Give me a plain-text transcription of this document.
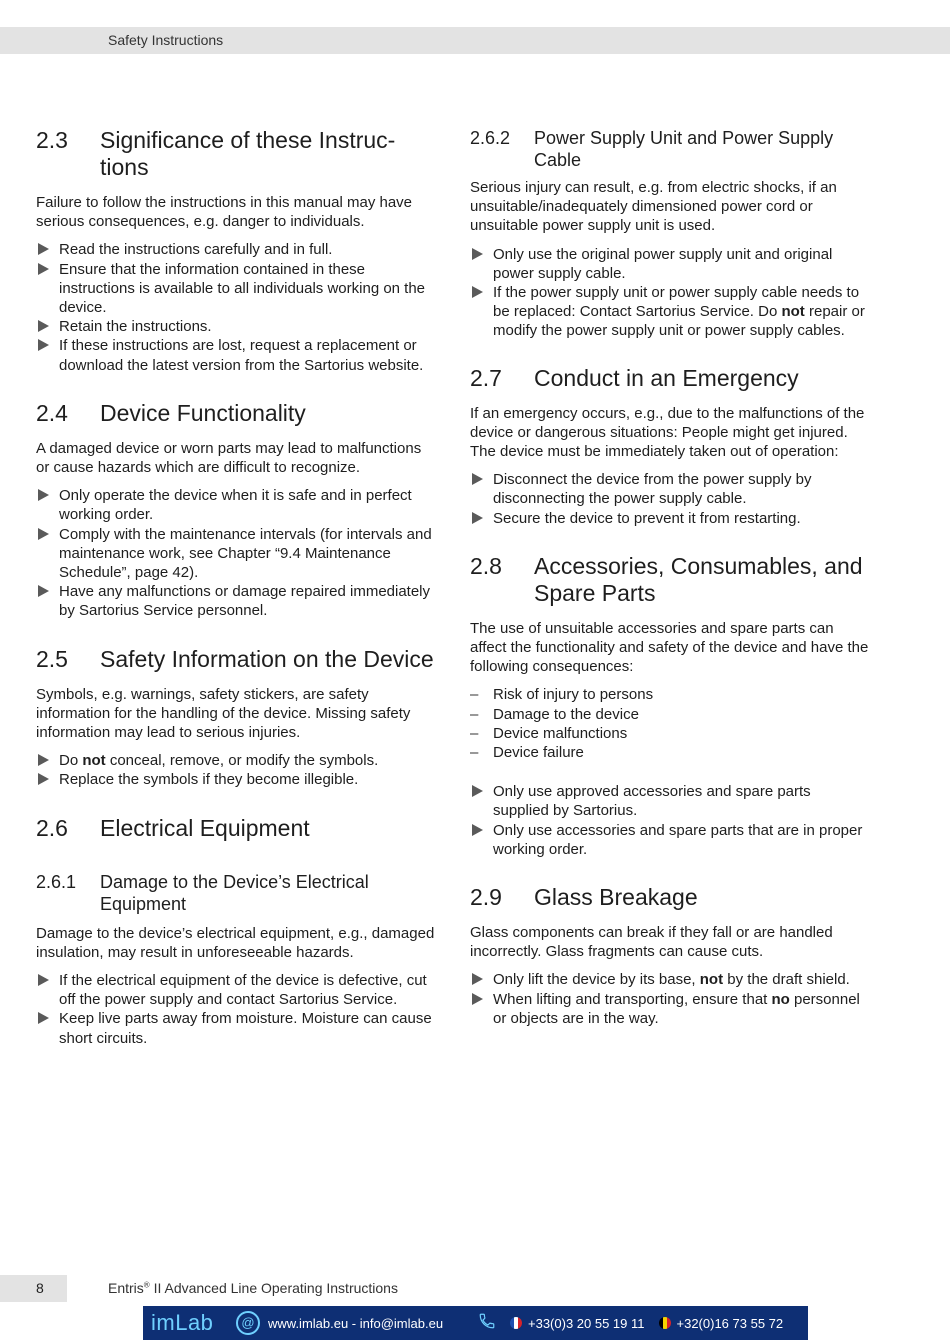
Safety Instructions
2.3 Significance of these Instruc-tions

Failure to follow the instructions in this manual may have serious consequences, e.g. danger to individuals.

Read the instructions carefully and in full.
Ensure that the information contained in these instructions is available to all individuals working on the device.
Retain the instructions.
If these instructions are lost, request a replacement or download the latest version from the Sartorius website.
2.4 Device Functionality

A damaged device or worn parts may lead to malfunctions or cause hazards which are difficult to recognize.

Only operate the device when it is safe and in perfect working order.
Comply with the maintenance intervals (for intervals and maintenance work, see Chapter “9.4 Maintenance Schedule”, page 42).
Have any malfunctions or damage repaired immediately by Sartorius Service personnel.
2.5 Safety Information on the Device

Symbols, e.g. warnings, safety stickers, are safety information for the handling of the device. Missing safety information may lead to serious injuries.

Do not conceal, remove, or modify the symbols.
Replace the symbols if they become illegible.
2.6 Electrical Equipment
2.6.1 Damage to the Device’s Electrical Equipment

Damage to the device’s electrical equipment, e.g., damaged insulation, may result in unforeseeable hazards.

If the electrical equipment of the device is defective, cut off the power supply and contact Sartorius Service.
Keep live parts away from moisture. Moisture can cause short circuits.
2.6.2 Power Supply Unit and Power Supply Cable

Serious injury can result, e.g. from electric shocks, if an unsuitable/inadequately dimensioned power cord or unsuitable power supply unit is used.

Only use the original power supply unit and original power supply cable.
If the power supply unit or power supply cable needs to be replaced: Contact Sartorius Service. Do not repair or modify the power supply unit or power supply cables.
2.7 Conduct in an Emergency

If an emergency occurs, e.g., due to the malfunctions of the device or dangerous situations: People might get injured. The device must be immediately taken out of operation:

Disconnect the device from the power supply by disconnecting the power supply cable.
Secure the device to prevent it from restarting.
2.8 Accessories, Consumables, and Spare Parts

The use of unsuitable accessories and spare parts can affect the functionality and safety of the device and have the following consequences:

– Risk of injury to persons
– Damage to the device
– Device malfunctions
– Device failure
Only use approved accessories and spare parts supplied by Sartorius.
Only use accessories and spare parts that are in proper working order.
2.9 Glass Breakage

Glass components can break if they fall or are handled incorrectly. Glass fragments can cause cuts.

Only lift the device by its base, not by the draft shield.
When lifting and transporting, ensure that no personnel or objects are in the way.
8	Entris® II Advanced Line Operating Instructions
imLab	@	www.imlab.eu - info@imlab.eu	+33(0)3 20 55 19 11 +32(0)16 73 55 72
